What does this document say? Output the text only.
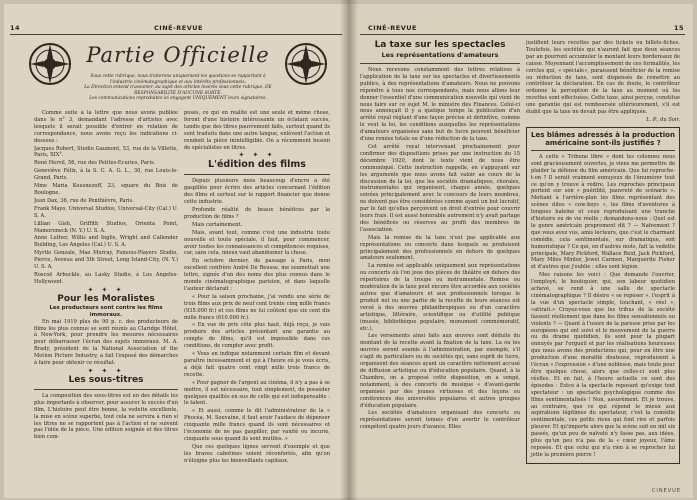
14	CINÉ-REVUE
Partie Officielle
Sous cette rubrique, nous traiterons uniquement les questions se rapportant à l'industrie cinématographique et aux intérêts professionnels.
La Direction entend n'assumer, au sujet des articles insérés sous cette rubrique, DE RESPONSABILITÉ D'AUCUNE SORTE.
Les communications reproduites ici engagent UNIQUEMENT leurs signataires.

Comme suite à la lettre que nous avons publiée dans le n° 3, demandant l'adresse d'artistes avec lesquels il serait possible d'entrer en relation de correspondance, nous avons reçu les indications ci-dessous :

Jacques Robert, Studio Gaumont, 53, rue de la Villette, Paris, XIX°.

René Hervil, 56, rue des Petites-Ecuries, Paris.

Geneviève Félix, à la S. C. A. G. L., 30, rue Louis-le-Grand, Paris.

Mme Maria Kousnezoff, 23, square du Bois de Boulogne.

Jean Dax, 36, rue de Penthièvre, Paris.

Frank Mayo, Universal Studios, Universal-City (Cal.) U. S. A.

Lillian Gish, Griffith Studios, Orienta Point, Mamoroneck (N. Y.) U. S. A.

Anne Luther, Willis and Inglis, Wright and Callender Building, Los Angeles (Cal.) U. S. A.

Myrtle Gonzale, Mae Murray, Famous-Players Studio, Pierce, Avenue and 5th Street, Long Island-City, (N. Y.) U. S. A.

Roscoë Arbuckle, au Lasky Studio, à Los Angeles-Hollywood.

✦ ✦ ✦
Pour les Moralistes
Les producteurs sont contre les films immoraux.

En mai 1919 plus de 90 p. c. des producteurs de films les plus connus se sont réunis au Claridge Hôtel, à New-York, pour prendre les mesures nécessaires pour débarrasser l'écran des sujets immoraux. M. A. Brady, président de la National Association of the Motion Picture Industry, a fait l'exposé des démarches à faire pour obtenir ce résultat.

✦ ✦ ✦
Les sous-titres

La composition des sous-titres est un des détails les plus importants à observer, pour assurer le succès d'un film. L'histoire peut être bonne, la vedette excellente, la mise en scène superbe, tout cela ne servira à rien si les titres ne se rapportent pas à l'action et ne suivent pas l'idée de la pièce. Une édition soignée et des titres bien com-

posés, ce qui en réalité est une seule et même chose, feront d'une histoire intéressante un éclatant succès, tandis que des titres pauvrement faits, surtout quand ils sont traduits dans une autre langue, enlèvent l'action et rendent la pièce inintelligible. On a récemment besoin de spécialistes en titres.

✦ ✦ ✦
L'édition des films

Depuis plusieurs mois beaucoup d'encre a été gaspillée pour écrire des articles concernant l'édition des films et surtout sur le rapport financier que donne cette industrie.

Profonde réalité de beaux bénéfices par la production de films ?

Mais certainement.

Mais, avant tout, comme c'est une industrie toute nouvelle et toute spéciale, il faut, pour commencer, avoir toutes les connaissances et compétences requises, car, sans cela, mieux vaut abandonner la chose.

En octobre dernier, de passage à Paris, mon excellent confrère André De Reusse, me soumettait une lettre, signée d'un des noms des plus connus dans le monde cinématographique parisien, et dans laquelle l'auteur déclarait :

« Pour la saison prochaine, j'ai vendu une série de trois films aux prix de neuf cent trente cinq mille francs (935.000 fr.) et ces films ne lui coûtent que six cent dix mille francs (610.000 fr.).

« En vue de prix côté plus haut, déjà reçu, je vais produire des articles présentant une garantie au compte de films, qu'il est impossible dans ces conditions, de compter avec profit.

« Vous en indique notamment certain film et devant paraître incessamment et qui à l'heure où je vous écris, a déjà fait quatre cent vingt mille trois francs de recette.

« Pour gagner de l'argent au cinéma, il n'y a pas à se mettre, il est nécessaire, tout simplement, de posséder quelques qualités en sus de celle qui est indispensable : le talent.

« Et aussi, comme le dit l'administrateur de la « Phocéa, M. Souvaine, il faut avoir l'audace de dépenser cinquante mille francs quand ils sont nécessaires et l'économie de ne pas gaspiller, par vanité ou incurie, cinquante sous quand ils sont inutiles. »

Que ces quelques lignes servent d'exemple et que les braves cabotines soient réconfortés, afin qu'on n'éloigne plus les bienveillants capitaux.

CINÉ-REVUE	15
La taxe sur les spectacles
Les représentations d'amateurs

Nous recevons constamment des lettres relatives à l'application de la taxe sur les spectacles et divertissements publics, à des représentations d'amateurs. Nous ne pouvons répondre à tous nos correspondants, mais nous allons leur donner l'essentiel d'une communication nouvelle qui vient de nous faire sur ce sujet M. le ministre des Finances. Celui-ci nous annonçait il y a quelque temps la publication d'un arrêté royal réglant d'une façon précise et définitive, comme le veut la loi, les conditions auxquelles les représentations d'amateurs organisées sans but de lucre peuvent bénéficier d'une remise totale ou d'une réduction de la taxe.

Cet arrêté royal intervenant prochainement pour confirmer des dispositions prises par une instruction du 15 décembre 1920, dont le texte vient de nous être communiqué. Cette instruction rappelle, en s'appuyant sur les arguments que nous avons fait valoir au cours de la discussion de la loi, que les sociétés dramatiques, chorales, instrumentales qui organisent, chaque année, quelques soirées principalement avec le concours de leurs membres, ne doivent pas être considérées comme ayant un but lucratif, par le fait qu'elles perçoivent un droit d'entrée pour couvrir leurs frais. Il est aussi honorable autrement n'y avait partage des bénéfices ou réserves au profit des membres de l'association.

Mais la remise de la taxe n'est pas applicable aux représentations ou concerts dans lesquels se produisent principalement des professionnels en dehors de quelques amateurs seulement.

La remise est applicable uniquement aux représentations ou concerts où l'on joue des pièces de théâtre en dehors des répertoires de la troupe ou instrumentale. Remise ou modération de la taxe peut encore être accordée aux sociétés autres que d'amateurs et aux professionnels lorsque le produit net ou une partie de la recette de leurs séances est versé à des œuvres philanthropiques ou d'un caractère artistique, littéraire, scientifique ou d'utilité publique (musée, bibliothèque populaire, monument commémoratif, etc.).

Les versements ainsi faits aux œuvres sont déduits du montant de la recette avant la fixation de la taxe. La ou les œuvres seront soumis à l'administration, par exemple, s'il s'agit de particuliers ou de sociétés qui, sans esprit de lucre, organisent des séances ayant un caractère nettement accusé de diffusion artistique ou d'éducation populaire. Quand, à la Chambre, on a proposé cette disposition, on a songé, notamment, à des concerts de musique « d'avant-garde organisés par des jeunes virtuoses et des leçons ou conférences des universités populaires et autres groupes d'éducation populaire.

Les sociétés d'amateurs organisant des concerts ou représentations seront tenues d'en avertir le contrôleur compétent quatre jours d'avance. Elles

justifient leurs recettes par des tickets ou billets-fiches. Toutefois, les sociétés qui n'auront fait que deux séances par an pourront accumuler le montant leurs bordereaux de caisse. Moyennant l'accomplissement de ces formalités, les cercles qui, « spéciale», paraissent bénéficier de la remise ou réduction de taxe, sont dispensés de remettre au contrôleur la déclaration. En cas de doute, le contrôleur ordonne la perception de la taxe au moment où les recettes sont effectuées. Cette taxe, ainsi perçue, constitue une garantie qui est remboursée ultérieurement, s'il est établi que la taxe ne devait pas être appliquée.

L. P., du Soir.
Les blâmes adressés à la production américaine sont-ils justifiés ?

A cette « Tribune libre » dont les colonnes nous sont gracieusement ouvertes, je viens me permettre de plaider la défense du film américain. Que lui reproche-t-on ? Il serait vraiment ennuyeux de l'énumérer tout ce qu'on y trouve à redire. Les reproches principaux portent sur son « puérilité, pauvreté de scénario ». Mettant à l'arrière-plan les films représentant des scènes dites « cow-boys », les films d'aventures à longues haleine et ceux reproduisant une tranche d'histoire ou de vie réelle ; demandons-nous : Quel est le genre américain proprement dit ? — Naïvement ? que vous avez vus, amis lecteurs, que c'est le charmant comédie, cela sentimentale, sur dramatique, soit humoristique ? Ce qui, en d'autres mots, fait la vedette principale, Mary Pickford, Wallace Reid, Jack Pickford, Mary Miles Minter, Jewel Carmen, Marguerite Fisher et d'autres que j'oublie : elles sont légion.

Mes raisons les voici : Que demande l'ouvrier, l'employé, le boutiquier, qui, son labeur quotidien achevé, se rend à une salle de spectacle cinématographique ? Il désire « se reposer ». l'esprit à la vue d'un spectacle simple, touchant, « réel », «attrait.» Croyez-vous que les tribus de la société fassent réellement que dans les films sensationnels ou violents ? — Quant à l'usure de la paresse prise par les européens qui ont suivi et le mouvement de la guerre ou du drame quotidien, ils sont pour la plupart ennuyés par l'orgueil et par les réalisations heureuses que nous avons des productions qui, pour en être une production d'une moralité douteuse, reproduisent à l'écran « l'expression » d'une noblesse, mais toute pour être quelque chose, alors que celles-ci sont plus réelles. Et en fait, à l'heure actuelle ce sont des épisodes : Estce à la spectacle reposant qu'exige tout spectateur : un spectacle psychologique comme des films sentimentalisés ! Non, assurément. Et je trouve, au contraire, que ce qui répond le mieux aux aspirations légitimes du spectateur, c'est la comédie sentimentale, ces petits riens qui font rire et parfois pleurer. Et qu'importe alors que la scène soit en mil six passés, qu'un peu de naïveté n'y fasse pas, aux idées, plus qu'un peu n'a pas de la « cœur joyeux, l'âme reposée. Et que celui qui n'a rien à se reprocher lui jette la première pierre !

CINEVUE
